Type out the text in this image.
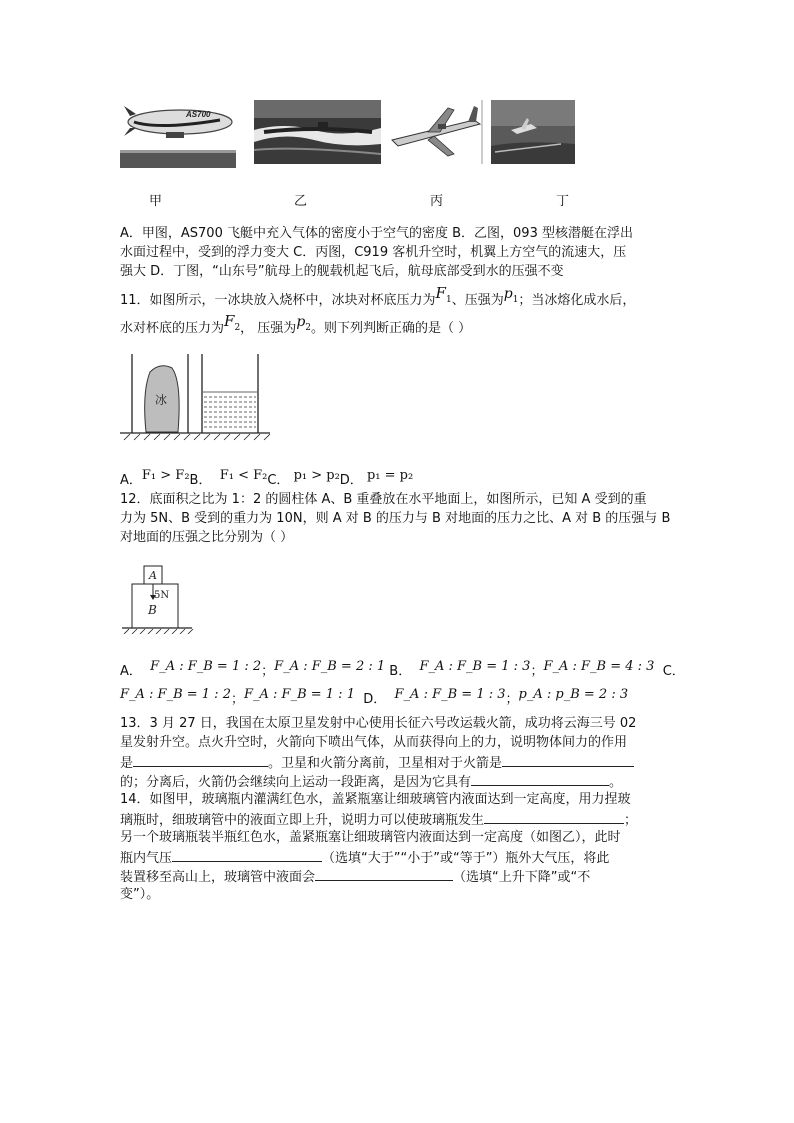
AS700
甲	乙	丙	丁
A．甲图，AS700 飞艇中充入气体的密度小于空气的密度 B．乙图，093 型核潜艇在浮出
水面过程中，受到的浮力变大 C．丙图，C919 客机升空时，机翼上方空气的流速大，压
强大 D．丁图，“山东号”航母上的舰载机起飞后，航母底部受到水的压强不变
11．如图所示，一冰块放入烧杯中，冰块对杯底压力为$F_1$、压强为$p_1$；当冰熔化成水后，
水对杯底的压力为$F_2$， 压强为$p_2$。则下列判断正确的是（ ）
冰
A．F₁ > F₂B． F₁ < F₂C． p₁ > p₂D． p₁ = p₂
12．底面积之比为 1：2 的圆柱体 A、B 重叠放在水平地面上，如图所示，已知 A 受到的重
力为 5N、B 受到的重力为 10N，则 A 对 B 的压力与 B 对地面的压力之比、A 对 B 的压强与 B
对地面的压强之比分别为（ ）
A
5N
B
A． F_A : F_B = 1 : 2；F_A : F_B = 2 : 1 B． F_A : F_B = 1 : 3；F_A : F_B = 4 : 3 C．
F_A : F_B = 1 : 2；F_A : F_B = 1 : 1 D． F_A : F_B = 1 : 3；p_A : p_B = 2 : 3
13．3 月 27 日，我国在太原卫星发射中心使用长征六号改运载火箭，成功将云海三号 02
星发射升空。点火升空时，火箭向下喷出气体，从而获得向上的力，说明物体间力的作用
是	。卫星和火箭分离前，卫星相对于火箭是
的；分离后，火箭仍会继续向上运动一段距离，是因为它具有	。
14．如图甲，玻璃瓶内灌满红色水，盖紧瓶塞让细玻璃管内液面达到一定高度，用力捏玻
璃瓶时，细玻璃管中的液面立即上升，说明力可以使玻璃瓶发生	；
另一个玻璃瓶装半瓶红色水，盖紧瓶塞让细玻璃管内液面达到一定高度（如图乙），此时
瓶内气压	（选填“大于”“小于”或“等于”）瓶外大气压，将此
装置移至高山上，玻璃管中液面会	（选填“上升下降”或“不
变”）。
